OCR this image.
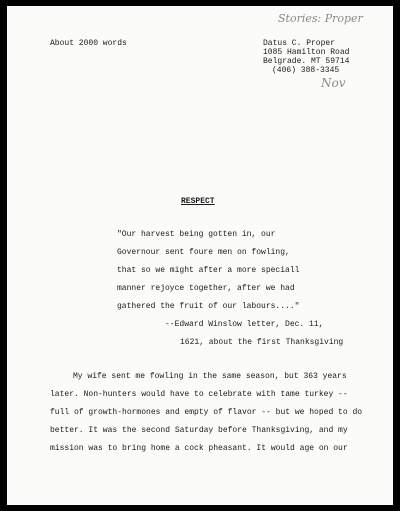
Stories: Proper
Nov
About 2000 words	Datus C. Proper
1085 Hamilton Road
Belgrade. MT 59714
(406) 388-3345
RESPECT
"Our harvest being gotten in, our
Governour sent foure men on fowling,
that so we might after a more speciall
manner rejoyce together, after we had
gathered the fruit of our labours...."
--Edward Winslow letter, Dec. 11,
1621, about the first Thanksgiving
My wife sent me fowling in the same season, but 363 years
later. Non-hunters would have to celebrate with tame turkey --
full of growth-hormones and empty of flavor -- but we hoped to do
better. It was the second Saturday before Thanksgiving, and my
mission was to bring home a cock pheasant. It would age on our
